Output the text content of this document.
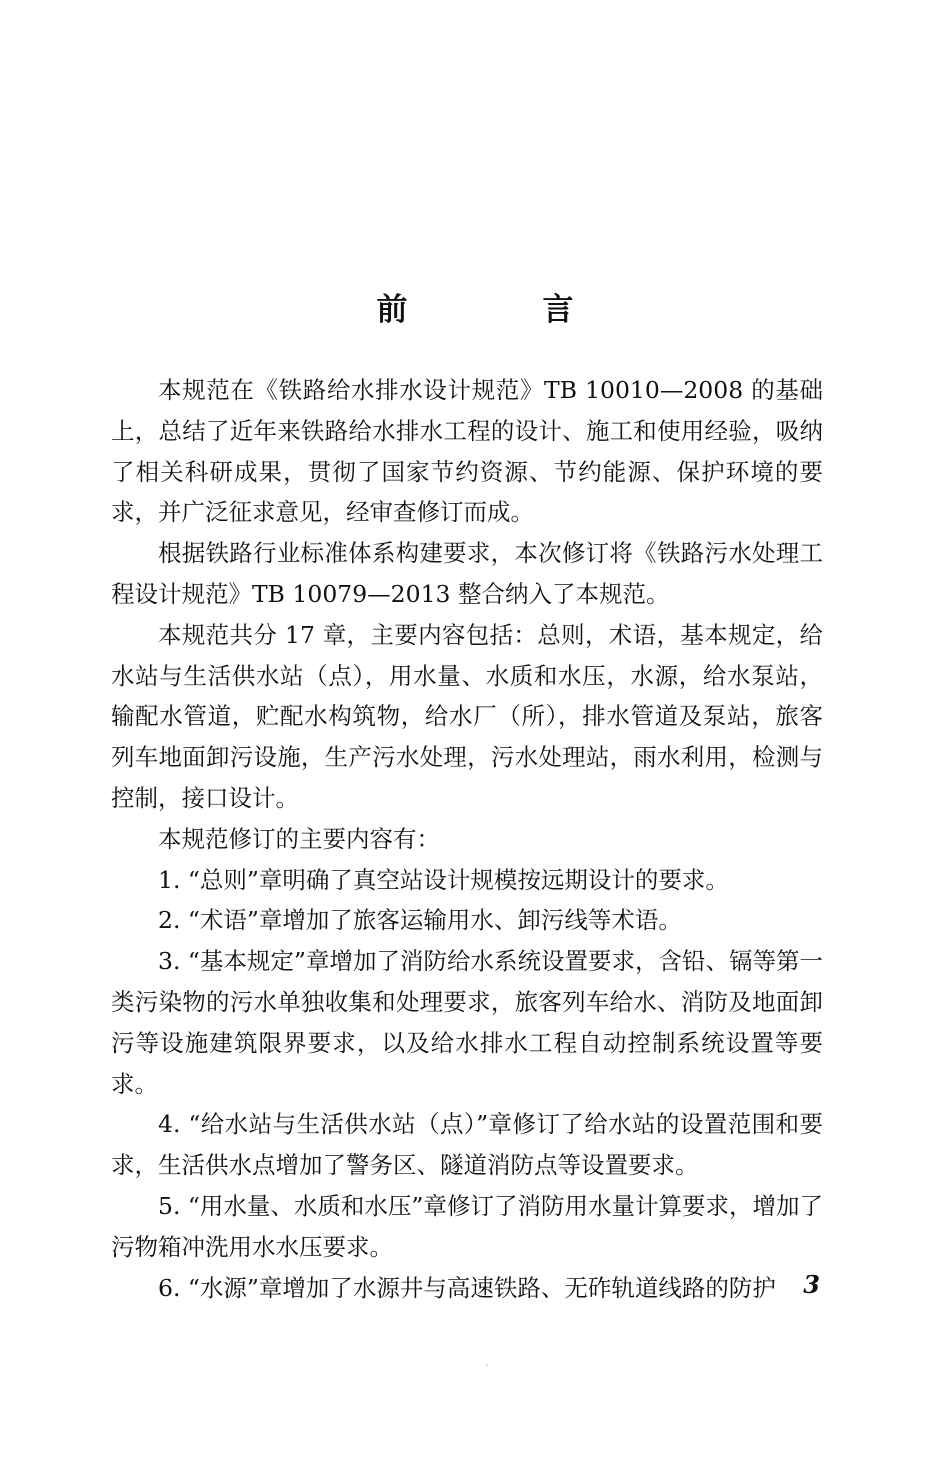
前　言

本规范在《铁路给水排水设计规范》TB 10010—2008 的基础上，总结了近年来铁路给水排水工程的设计、施工和使用经验，吸纳了相关科研成果，贯彻了国家节约资源、节约能源、保护环境的要求，并广泛征求意见，经审查修订而成。

根据铁路行业标准体系构建要求，本次修订将《铁路污水处理工程设计规范》TB 10079—2013 整合纳入了本规范。

本规范共分 17 章，主要内容包括：总则，术语，基本规定，给水站与生活供水站（点），用水量、水质和水压，水源，给水泵站，输配水管道，贮配水构筑物，给水厂（所），排水管道及泵站，旅客列车地面卸污设施，生产污水处理，污水处理站，雨水利用，检测与控制，接口设计。

本规范修订的主要内容有：

1. “总则”章明确了真空站设计规模按远期设计的要求。

2. “术语”章增加了旅客运输用水、卸污线等术语。

3. “基本规定”章增加了消防给水系统设置要求，含铅、镉等第一类污染物的污水单独收集和处理要求，旅客列车给水、消防及地面卸污等设施建筑限界要求，以及给水排水工程自动控制系统设置等要求。

4. “给水站与生活供水站（点）”章修订了给水站的设置范围和要求，生活供水点增加了警务区、隧道消防点等设置要求。

5. “用水量、水质和水压”章修订了消防用水量计算要求，增加了污物箱冲洗用水水压要求。

6. “水源”章增加了水源井与高速铁路、无砟轨道线路的防护	3
